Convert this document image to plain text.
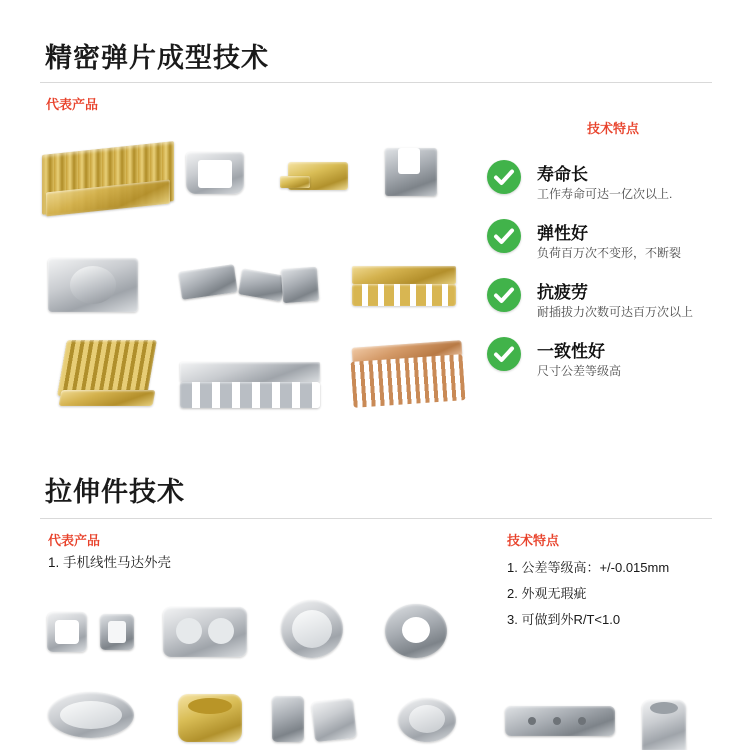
精密弹片成型技术
代表产品
技术特点
寿命长
工作寿命可达一亿次以上.
弹性好
负荷百万次不变形，不断裂
抗疲劳
耐插拔力次数可达百万次以上
一致性好
尺寸公差等级高
拉伸件技术
代表产品
1. 手机线性马达外壳
技术特点
1. 公差等级高：+/-0.015mm
2. 外观无瑕疵
3. 可做到外R/T<1.0
